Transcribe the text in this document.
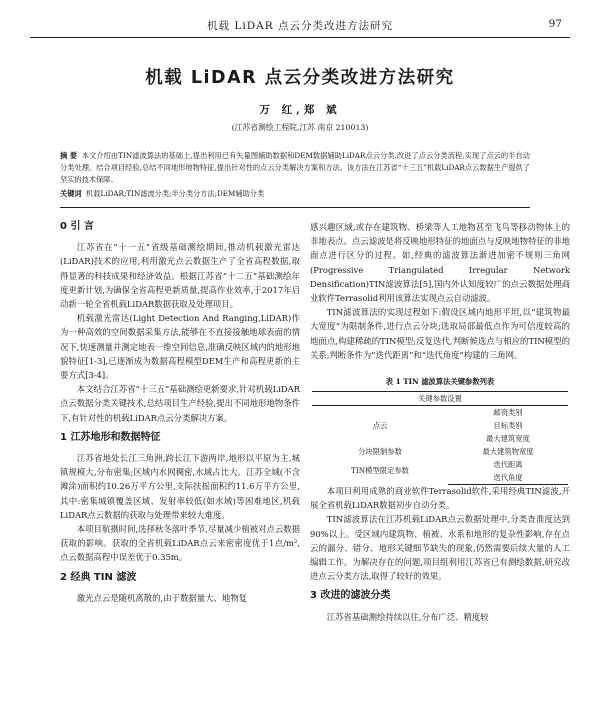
机载 LiDAR 点云分类改进方法研究	97
机载 LiDAR 点云分类改进方法研究
万 红,郑 斌
(江苏省测绘工程院,江苏 南京 210013)
摘 要 本文介绍由TIN滤波算法的基础上,提出利用已有矢量图辅助数据和DEM数据辅助LiDAR点云分类,改进了点云分类流程,实现了点云的半自动分类处理。结合项目经验,总结不同地形地物特征,提出针对性的点云分类解决方案和方法。该方法在江苏省“十三五”机载LiDAR点云数据生产提供了坚实的技术保障。
关键词 机载LiDAR;TIN滤波分类;半分类分方法;DEM辅助分类
0 引 言

江苏省在“十一五”省级基础测绘期间,推动机载激光雷达(LiDAR)技术的应用,利用激光点云数据生产了全省高程数据,取得显著的科技成果和经济效益。根据江苏省“十二五”基础测绘年度更新计划,为确保全省高程更新质量,提高作业效率,于2017年启动新一轮全省机载LiDAR数据获取及处理项目。

机载激光雷达(Light Detection And Ranging,LiDAR)作为一种高效的空间数据采集方法,能够在不直接接触地球表面的情况下,快速测量并测定地表一维空间信息,准确反映区域内的地形地貌特征[1-3],已逐渐成为数据高程模型DEM生产和高程更新的主要方式[3-4]。

本文结合江苏省“十三五”基础测绘更新要求,针对机载LiDAR点云数据分类关键技术,总结项目生产经验,提出不同地形地物条件下,有针对性的机载LiDAR点云分类解决方案。

1 江苏地形和数据特征

江苏省地处长江三角洲,跨长江下游两岸,地形以平原为主,城镇规模大,分布密集;区域内水网稠密,水域占比大。江苏全域(不含滩涂)面积约10.26万平方公里,支际扶摇面积约11.6万平方公里,其中:密集城镇覆盖区域、发射率较低(如水域)等困难地区,机载LiDAR点云数据的获取与处理带来较大难度。

本项目航摄时间,选择秋冬落叶季节,尽量减少植被对点云数据获取的影响。获取的全省机载LiDAR点云来密密度优于1点/m²,点云数据高程中误差优于0.35m。

2 经典 TIN 滤波

激光点云是随机离散的,由于数据量大、地物复

感兴趣区域,或存在建筑物、桥梁等人工地物甚至飞鸟等移动物体上的非地表点。点云滤波是将反映地形特征的地面点与反映地物特征的非地面点进行区分的过程。如,经典的滤波算法渐进加密不规则三角网(Progressive Triangulated Irregular Network Densification)TIN滤波算法[5],国内外认知度较广的点云数据处理商业软件Terrasolid利用该算法实现点云自动滤波。

TIN滤波算法的实现过程如下:假设区域内地形平坦,以“建筑物最大宽度”为限制条件,进行点云分块;选取局部最低点作为可信度较高的地面点,构建稀疏的TIN模型;反复迭代,判断候选点与相应的TIN模型的关系,判断条件为“迭代距离”和“迭代角度”构建的三角网。

表 1 TIN 滤波算法关键参数列表
关键参数设置	
点云	邮资类别
	目标类别
	最大建筑宽度
分块限制参数	最大建筑物宽度
TIN模型限定参数	迭代距离
	迭代角度

本项目利用成熟的商业软件Terrasolid软件,采用经典TIN滤波,开展全省机载LiDAR数据初步自动分类。

TIN滤波算法在江苏机载LiDAR点云数据处理中,分类查准度达到90%以上。受区域内建筑物、植被、水系和地形的复杂性影响,存在点云的漏分、错分、地形关键细节缺失的现象,仍然需要后续大量的人工编辑工作。为解决存在的问题,项目组利用江苏省已有测绘数据,研究改进点云分类方法,取得了较好的效果。

3 改进的滤波分类

江苏省基础测绘持续以往,分布广泛、精度较
